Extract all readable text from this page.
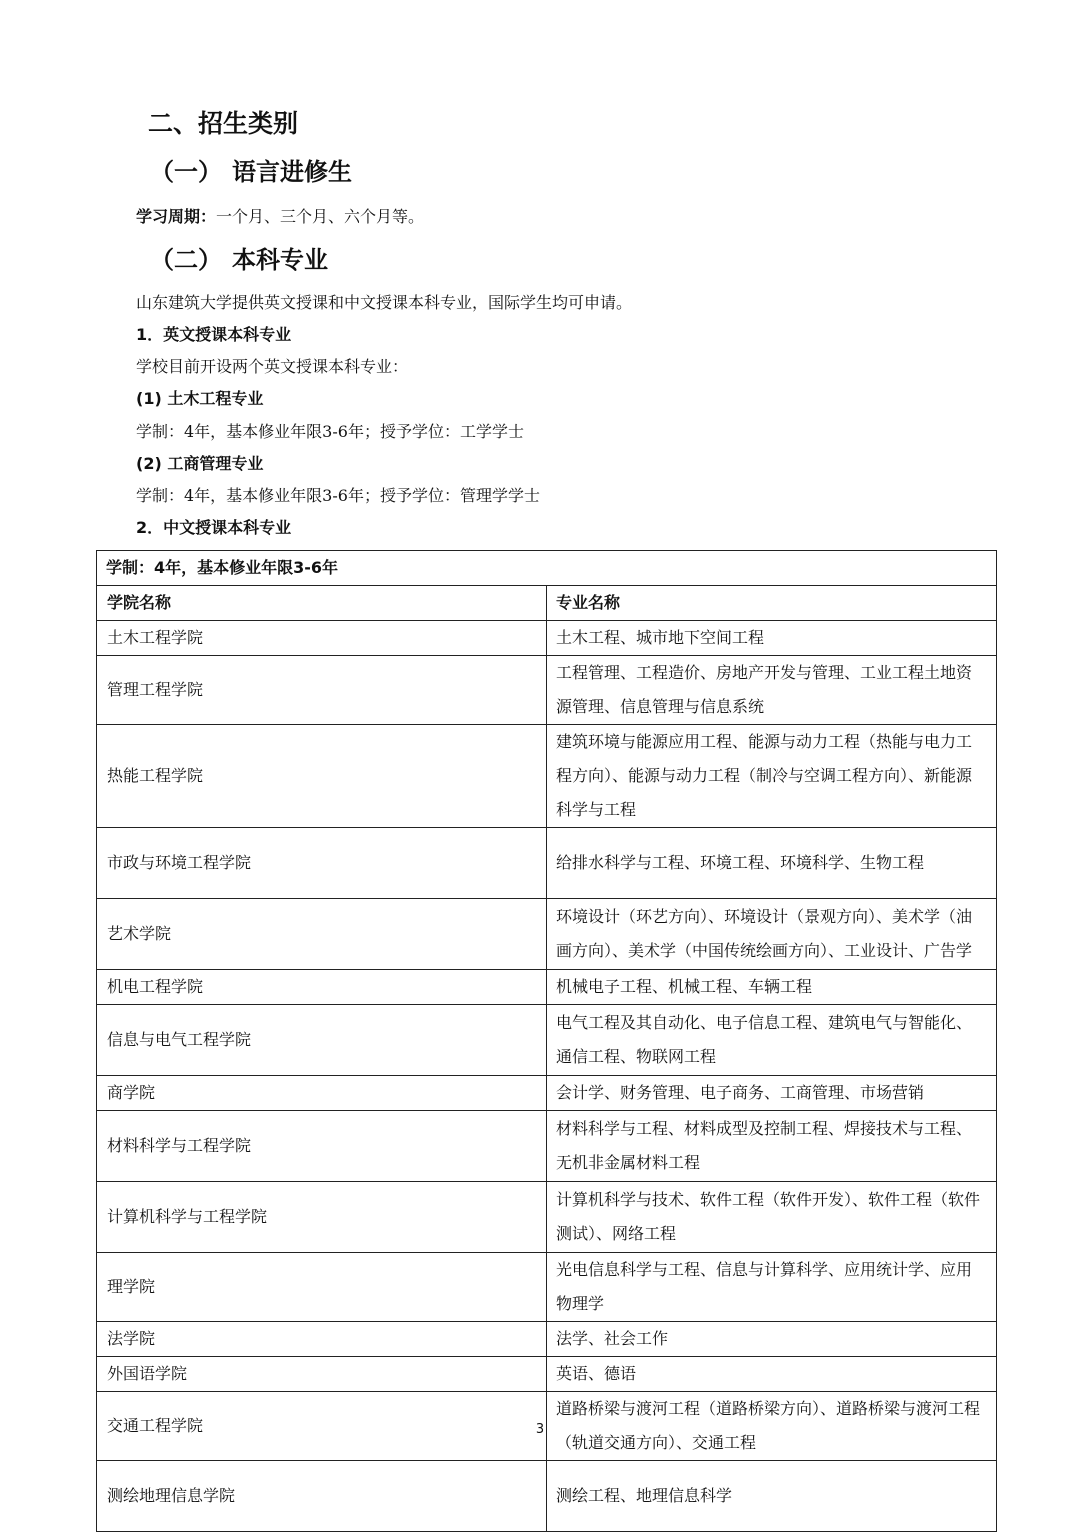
二、招生类别
（一） 语言进修生

学习周期：一个月、三个月、六个月等。

（二） 本科专业

山东建筑大学提供英文授课和中文授课本科专业，国际学生均可申请。

1．英文授课本科专业

学校目前开设两个英文授课本科专业：

(1) 土木工程专业

学制：4年，基本修业年限3-6年；授予学位：工学学士

(2) 工商管理专业

学制：4年，基本修业年限3-6年；授予学位：管理学学士

2．中文授课本科专业

学制：4年，基本修业年限3-6年	
学院名称	专业名称
土木工程学院	土木工程、城市地下空间工程
管理工程学院	工程管理、工程造价、房地产开发与管理、工业工程土地资源管理、信息管理与信息系统
热能工程学院	建筑环境与能源应用工程、能源与动力工程（热能与电力工程方向）、能源与动力工程（制冷与空调工程方向）、新能源科学与工程
市政与环境工程学院	给排水科学与工程、环境工程、环境科学、生物工程
艺术学院	环境设计（环艺方向）、环境设计（景观方向）、美术学（油画方向）、美术学（中国传统绘画方向）、工业设计、广告学
机电工程学院	机械电子工程、机械工程、车辆工程
信息与电气工程学院	电气工程及其自动化、电子信息工程、建筑电气与智能化、通信工程、物联网工程
商学院	会计学、财务管理、电子商务、工商管理、市场营销
材料科学与工程学院	材料科学与工程、材料成型及控制工程、焊接技术与工程、无机非金属材料工程
计算机科学与工程学院	计算机科学与技术、软件工程（软件开发）、软件工程（软件测试）、网络工程
理学院	光电信息科学与工程、信息与计算科学、应用统计学、应用物理学
法学院	法学、社会工作
外国语学院	英语、德语
交通工程学院	道路桥梁与渡河工程（道路桥梁方向）、道路桥梁与渡河工程（轨道交通方向）、交通工程
测绘地理信息学院	测绘工程、地理信息科学
3
